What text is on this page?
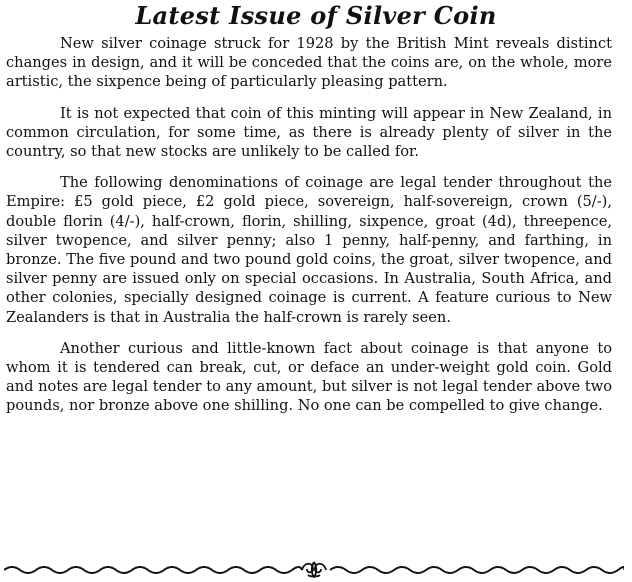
Latest Issue of Silver Coin

New silver coinage struck for 1928 by the British Mint reveals distinct changes in design, and it will be conceded that the coins are, on the whole, more artistic, the sixpence being of particularly pleasing pattern.

It is not expected that coin of this minting will appear in New Zealand, in common circulation, for some time, as there is already plenty of silver in the country, so that new stocks are unlikely to be called for.

The following denominations of coinage are legal tender throughout the Empire: £5 gold piece, £2 gold piece, sovereign, half-sovereign, crown (5/-), double florin (4/-), half-crown, florin, shilling, sixpence, groat (4d), threepence, silver twopence, and silver penny; also 1 penny, half-penny, and farthing, in bronze. The five pound and two pound gold coins, the groat, silver twopence, and silver penny are issued only on special occasions. In Australia, South Africa, and other colonies, specially designed coinage is current. A feature curious to New Zealanders is that in Australia the half-crown is rarely seen.

Another curious and little-known fact about coinage is that anyone to whom it is tendered can break, cut, or deface an under-weight gold coin. Gold and notes are legal tender to any amount, but silver is not legal tender above two pounds, nor bronze above one shilling. No one can be compelled to give change.
